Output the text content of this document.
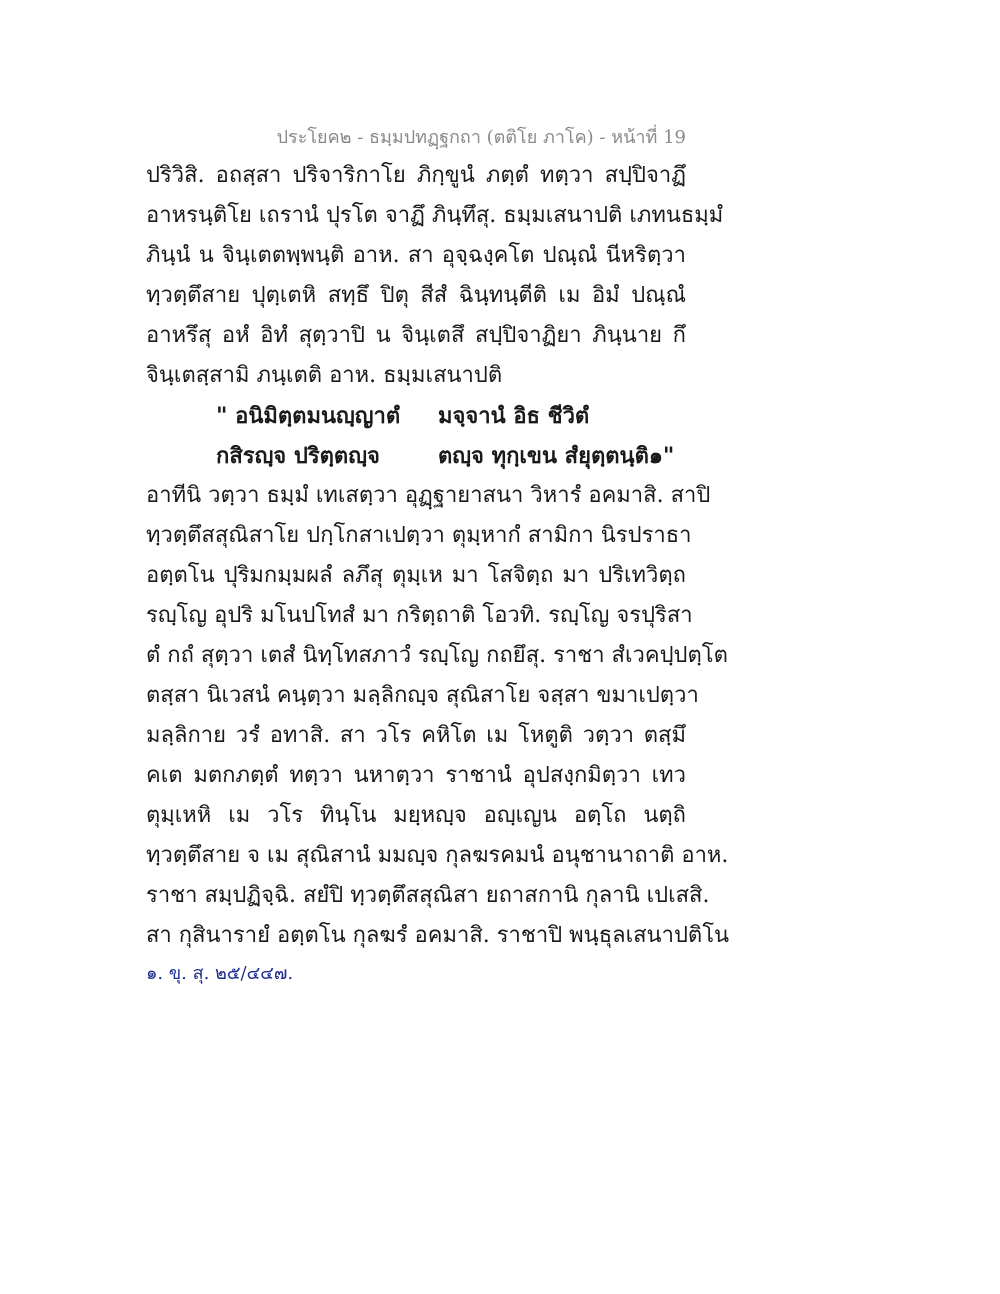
ประโยค๒ - ธมฺมปทฏฺฐกถา (ตติโย ภาโค) - หน้าที่ 19
ปริวิสิ. อถสฺสา ปริจาริกาโย ภิกฺขูนํ ภตฺตํ ทตฺวา สปฺปิจาฏึ
อาหรนฺติโย เถรานํ ปุรโต จาฏึ ภินฺทึสุ. ธมฺมเสนาปติ เภทนธมฺมํ
ภินฺนํ น จินฺเตตพฺพนฺติ อาห. สา อุจฺฉงฺคโต ปณฺณํ นีหริตฺวา
ทฺวตฺตึสาย ปุตฺเตหิ สทฺธึ ปิตุ สีสํ ฉินฺทนฺตีติ เม อิมํ ปณฺณํ
อาหรึสุ อหํ อิทํ สุตฺวาปิ น จินฺเตสึ สปฺปิจาฏิยา ภินฺนาย กึ
จินฺเตสฺสามิ ภนฺเตติ อาห. ธมฺมเสนาปติ
" อนิมิตฺตมนญฺญาตํ มจฺจานํ อิธ ชีวิตํ
กสิรญฺจ ปริตฺตญฺจ	ตญฺจ ทุกฺเขน สํยุตฺตนฺติ๑"
อาทีนิ วตฺวา ธมฺมํ เทเสตฺวา อุฏฺฐายาสนา วิหารํ อคมาสิ. สาปิ
ทฺวตฺตึสสุณิสาโย ปกฺโกสาเปตฺวา ตุมฺหากํ สามิกา นิรปราธา
อตฺตโน ปุริมกมฺมผลํ ลภึสุ ตุมฺเห มา โสจิตฺถ มา ปริเทวิตฺถ
รญฺโญ อุปริ มโนปโทสํ มา กริตฺถาติ โอวทิ. รญฺโญ จรปุริสา
ตํ กถํ สุตฺวา เตสํ นิทฺโทสภาวํ รญฺโญ กถยึสุ. ราชา สํเวคปฺปตฺโต
ตสฺสา นิเวสนํ คนฺตฺวา มลฺลิกญฺจ สุณิสาโย จสฺสา ขมาเปตฺวา
มลฺลิกาย วรํ อทาสิ. สา วโร คหิโต เม โหตูติ วตฺวา ตสฺมึ
คเต มตกภตฺตํ ทตฺวา นหาตฺวา ราชานํ อุปสงฺกมิตฺวา เทว
ตุมฺเหหิ เม วโร ทินฺโน มยฺหญฺจ อญฺเญน อตฺโถ นตฺถิ
ทฺวตฺตึสาย จ เม สุณิสานํ มมญฺจ กุลฆรคมนํ อนุชานาถาติ อาห.
ราชา สมฺปฏิจฺฉิ. สยํปิ ทฺวตฺตึสสุณิสา ยถาสกานิ กุลานิ เปเสสิ.
สา กุสินารายํ อตฺตโน กุลฆรํ อคมาสิ. ราชาปิ พนฺธุลเสนาปติโน
๑. ขุ. สุ. ๒๕/๔๔๗.
